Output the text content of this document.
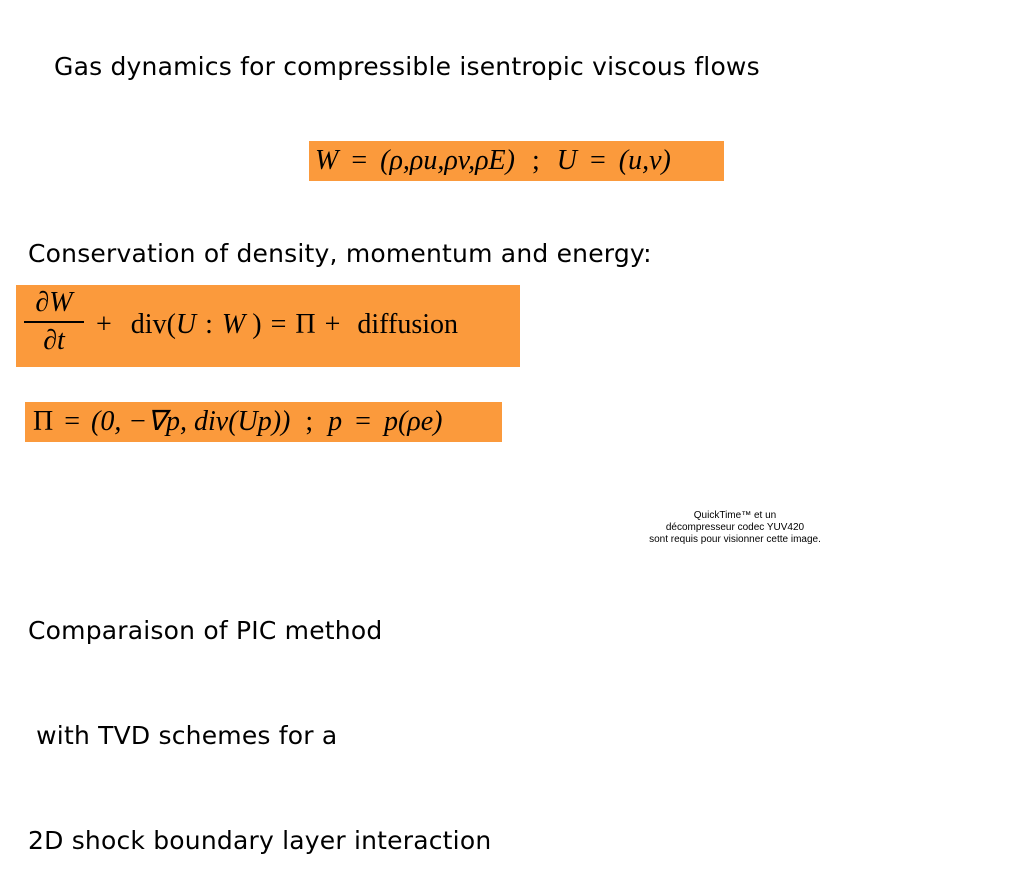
Gas dynamics for compressible isentropic viscous flows
W = (ρ,ρu,ρv,ρE) ; U = (u,v)
Conservation of density, momentum and energy:
∂W
∂t	+ div(U : W ) = Π + diffusion
Π = (0, −∇p, div(Up)) ; p = p(ρe)
QuickTime™ et un
décompresseur codec YUV420
sont requis pour visionner cette image.

Comparaison of PIC method

with TVD schemes for a

2D shock boundary layer interaction
